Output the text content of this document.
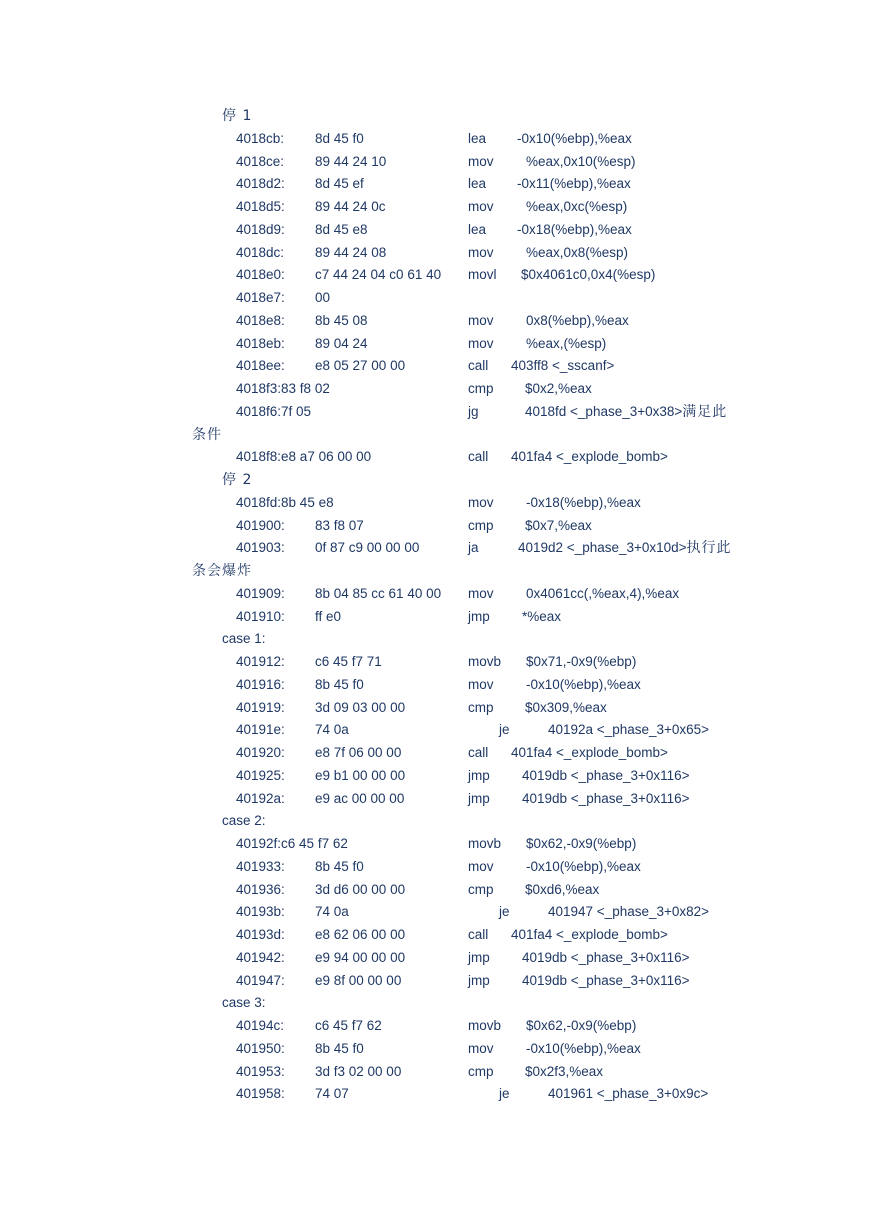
停 1
4018cb: 8d 45 f0	lea -0x10(%ebp),%eax
4018ce: 89 44 24 10	mov %eax,0x10(%esp)
4018d2: 8d 45 ef	lea -0x11(%ebp),%eax
4018d5: 89 44 24 0c	mov %eax,0xc(%esp)
4018d9: 8d 45 e8	lea -0x18(%ebp),%eax
4018dc: 89 44 24 08	mov %eax,0x8(%esp)
4018e0: c7 44 24 04 c0 61 40 movl $0x4061c0,0x4(%esp)
4018e7: 00
4018e8: 8b 45 08	mov 0x8(%ebp),%eax
4018eb: 89 04 24	mov %eax,(%esp)
4018ee: e8 05 27 00 00	call 403ff8 <_sscanf>
4018f3:83 f8 02	cmp $0x2,%eax
4018f6:7f 05	jg	4018fd <_phase_3+0x38>满足此
条件
4018f8:e8 a7 06 00 00	call 401fa4 <_explode_bomb>
停 2
4018fd:8b 45 e8	mov -0x18(%ebp),%eax
401900: 83 f8 07	cmp $0x7,%eax
401903: 0f 87 c9 00 00 00	ja	4019d2 <_phase_3+0x10d>执行此
条会爆炸
401909: 8b 04 85 cc 61 40 00 mov 0x4061cc(,%eax,4),%eax
401910: ff e0	jmp *%eax
case 1:
401912: c6 45 f7 71	movb $0x71,-0x9(%ebp)
401916: 8b 45 f0	mov -0x10(%ebp),%eax
401919: 3d 09 03 00 00	cmp $0x309,%eax
40191e: 74 0a	je	40192a <_phase_3+0x65>
401920: e8 7f 06 00 00	call 401fa4 <_explode_bomb>
401925: e9 b1 00 00 00	jmp 4019db <_phase_3+0x116>
40192a: e9 ac 00 00 00	jmp 4019db <_phase_3+0x116>
case 2:
40192f:c6 45 f7 62	movb $0x62,-0x9(%ebp)
401933: 8b 45 f0	mov -0x10(%ebp),%eax
401936: 3d d6 00 00 00	cmp $0xd6,%eax
40193b: 74 0a	je	401947 <_phase_3+0x82>
40193d: e8 62 06 00 00	call 401fa4 <_explode_bomb>
401942: e9 94 00 00 00	jmp 4019db <_phase_3+0x116>
401947: e9 8f 00 00 00	jmp 4019db <_phase_3+0x116>
case 3:
40194c: c6 45 f7 62	movb $0x62,-0x9(%ebp)
401950: 8b 45 f0	mov -0x10(%ebp),%eax
401953: 3d f3 02 00 00	cmp $0x2f3,%eax
401958: 74 07	je	401961 <_phase_3+0x9c>
